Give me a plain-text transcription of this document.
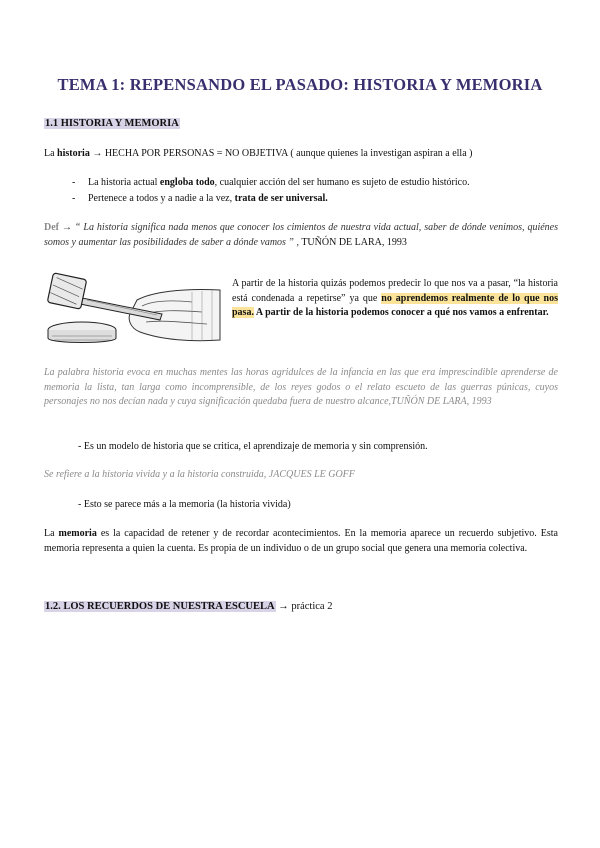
TEMA 1: REPENSANDO EL PASADO: HISTORIA Y MEMORIA
1.1 HISTORIA Y MEMORIA
La historia → HECHA POR PERSONAS = NO OBJETIVA ( aunque quienes la investigan aspiran a ella )
- La historia actual engloba todo, cualquier acción del ser humano es sujeto de estudio histórico.
- Pertenece a todos y a nadie a la vez, trata de ser universal.
Def → “ La historia significa nada menos que conocer los cimientos de nuestra vida actual, saber de dónde venimos, quiénes somos y aumentar las posibilidades de saber a dónde vamos ” , TUÑÓN DE LARA, 1993
A partir de la historia quizás podemos predecir lo que nos va a pasar, “la historia está condenada a repetirse” ya que no aprendemos realmente de lo que nos pasa. A partir de la historia podemos conocer a qué nos vamos a enfrentar.
La palabra historia evoca en muchas mentes las horas agridulces de la infancia en las que era imprescindible aprenderse de memoria la lista, tan larga como incomprensible, de los reyes godos o el relato escueto de las guerras púnicas, cuyos personajes no nos decían nada y cuya significación quedaba fuera de nuestro alcance,TUÑÓN DE LARA, 1993
- Es un modelo de historia que se critica, el aprendizaje de memoria y sin comprensión.
Se refiere a la historia vivida y a la historia construida, JACQUES LE GOFF
- Esto se parece más a la memoria (la historia vivida)
La memoria es la capacidad de retener y de recordar acontecimientos. En la memoria aparece un recuerdo subjetivo. Esta memoria representa a quien la cuenta. Es propia de un individuo o de un grupo social que genera una memoria colectiva.
1.2. LOS RECUERDOS DE NUESTRA ESCUELA → práctica 2
